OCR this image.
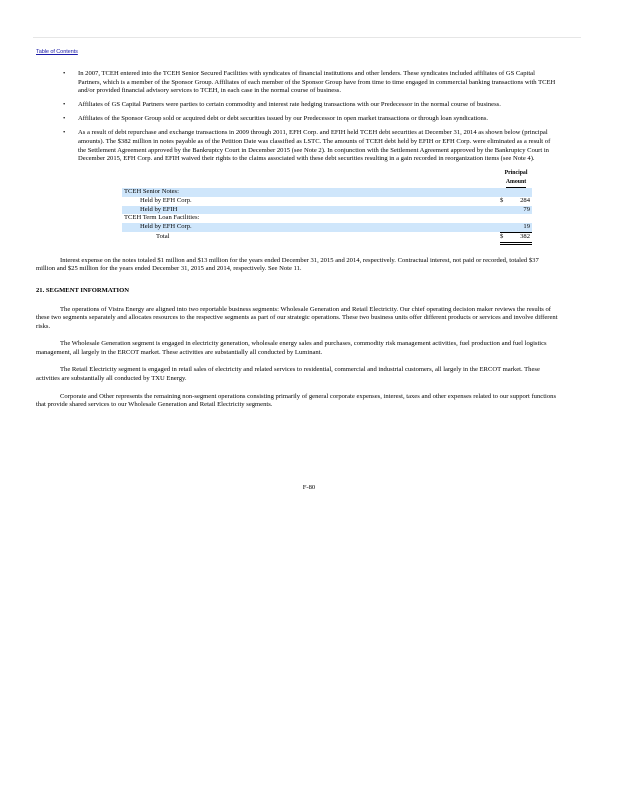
Table of Contents
• In 2007, TCEH entered into the TCEH Senior Secured Facilities with syndicates of financial institutions and other lenders. These syndicates included affiliates of GS Capital Partners, which is a member of the Sponsor Group. Affiliates of each member of the Sponsor Group have from time to time engaged in commercial banking transactions with TCEH and/or provided financial advisory services to TCEH, in each case in the normal course of business.
• Affiliates of GS Capital Partners were parties to certain commodity and interest rate hedging transactions with our Predecessor in the normal course of business.
• Affiliates of the Sponsor Group sold or acquired debt or debt securities issued by our Predecessor in open market transactions or through loan syndications.
• As a result of debt repurchase and exchange transactions in 2009 through 2011, EFH Corp. and EFIH held TCEH debt securities at December 31, 2014 as shown below (principal amounts). The $382 million in notes payable as of the Petition Date was classified as LSTC. The amounts of TCEH debt held by EFIH or EFH Corp. were eliminated as a result of the Settlement Agreement approved by the Bankruptcy Court in December 2015 (see Note 2). In conjunction with the Settlement Agreement approved by the Bankruptcy Court in December 2015, EFH Corp. and EFIH waived their rights to the claims associated with these debt securities resulting in a gain recorded in reorganization items (see Note 4).

	Principal
Amount	
TCEH Senior Notes:		
Held by EFH Corp.	$	284
Held by EFIH		79
TCEH Term Loan Facilities:		
Held by EFH Corp.		19
Total	$	382

Interest expense on the notes totaled $1 million and $13 million for the years ended December 31, 2015 and 2014, respectively. Contractual interest, not paid or recorded, totaled $37 million and $25 million for the years ended December 31, 2015 and 2014, respectively. See Note 11.

21. SEGMENT INFORMATION

The operations of Vistra Energy are aligned into two reportable business segments: Wholesale Generation and Retail Electricity. Our chief operating decision maker reviews the results of these two segments separately and allocates resources to the respective segments as part of our strategic operations. These two business units offer different products or services and involve different risks.

The Wholesale Generation segment is engaged in electricity generation, wholesale energy sales and purchases, commodity risk management activities, fuel production and fuel logistics management, all largely in the ERCOT market. These activities are substantially all conducted by Luminant.

The Retail Electricity segment is engaged in retail sales of electricity and related services to residential, commercial and industrial customers, all largely in the ERCOT market. These activities are substantially all conducted by TXU Energy.

Corporate and Other represents the remaining non-segment operations consisting primarily of general corporate expenses, interest, taxes and other expenses related to our support functions that provide shared services to our Wholesale Generation and Retail Electricity segments.

F-80
